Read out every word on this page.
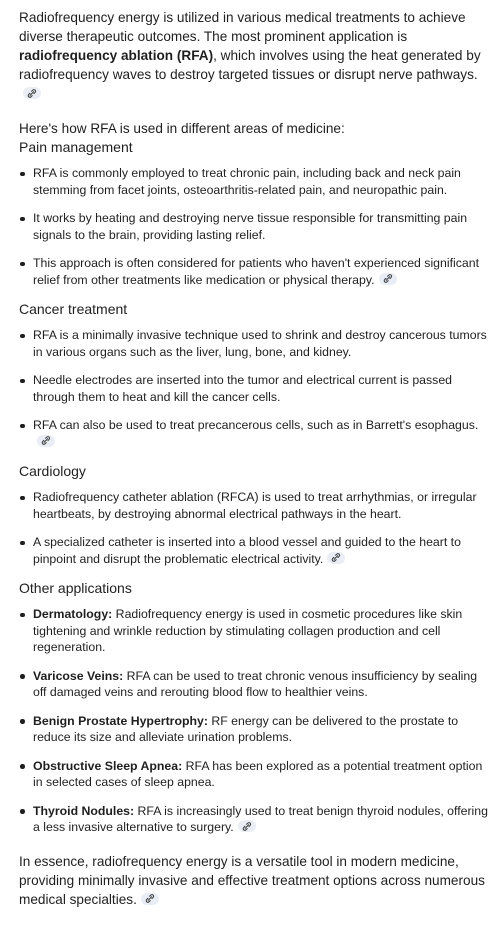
Radiofrequency energy is utilized in various medical treatments to achieve diverse therapeutic outcomes. The most prominent application is radiofrequency ablation (RFA), which involves using the heat generated by radiofrequency waves to destroy targeted tissues or disrupt nerve pathways.

Here's how RFA is used in different areas of medicine:

Pain management
RFA is commonly employed to treat chronic pain, including back and neck pain stemming from facet joints, osteoarthritis-related pain, and neuropathic pain.
It works by heating and destroying nerve tissue responsible for transmitting pain signals to the brain, providing lasting relief.
This approach is often considered for patients who haven't experienced significant relief from other treatments like medication or physical therapy.
Cancer treatment
RFA is a minimally invasive technique used to shrink and destroy cancerous tumors in various organs such as the liver, lung, bone, and kidney.
Needle electrodes are inserted into the tumor and electrical current is passed through them to heat and kill the cancer cells.
RFA can also be used to treat precancerous cells, such as in Barrett's esophagus.
Cardiology
Radiofrequency catheter ablation (RFCA) is used to treat arrhythmias, or irregular heartbeats, by destroying abnormal electrical pathways in the heart.
A specialized catheter is inserted into a blood vessel and guided to the heart to pinpoint and disrupt the problematic electrical activity.
Other applications
Dermatology: Radiofrequency energy is used in cosmetic procedures like skin tightening and wrinkle reduction by stimulating collagen production and cell regeneration.
Varicose Veins: RFA can be used to treat chronic venous insufficiency by sealing off damaged veins and rerouting blood flow to healthier veins.
Benign Prostate Hypertrophy: RF energy can be delivered to the prostate to reduce its size and alleviate urination problems.
Obstructive Sleep Apnea: RFA has been explored as a potential treatment option in selected cases of sleep apnea.
Thyroid Nodules: RFA is increasingly used to treat benign thyroid nodules, offering a less invasive alternative to surgery.

In essence, radiofrequency energy is a versatile tool in modern medicine, providing minimally invasive and effective treatment options across numerous medical specialties.
